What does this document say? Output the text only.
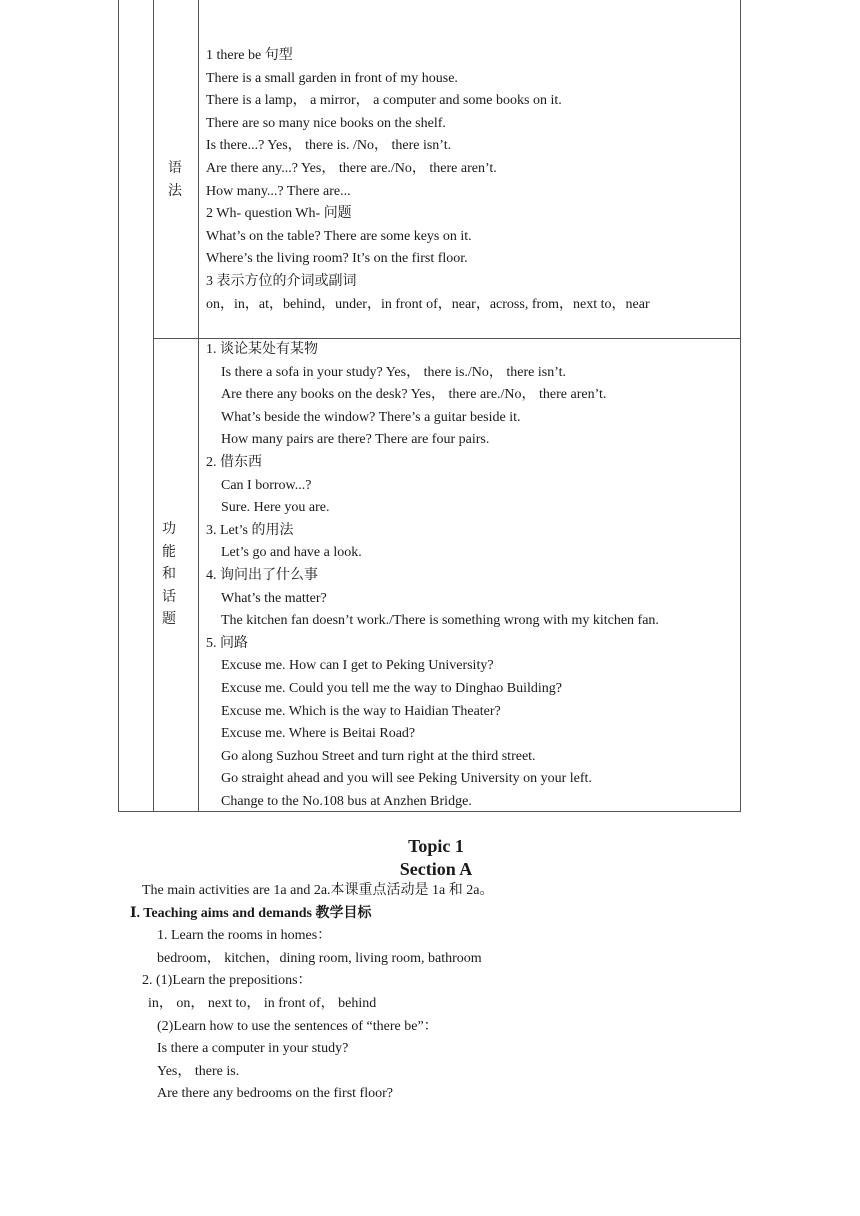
语
法
1 there be 句型
There is a small garden in front of my house.
There is a lamp， a mirror， a computer and some books on it.
There are so many nice books on the shelf.
Is there...? Yes， there is. /No， there isn’t.
Are there any...? Yes， there are./No， there aren’t.
How many...? There are...
2 Wh- question Wh- 问题
What’s on the table? There are some keys on it.
Where’s the living room? It’s on the first floor.
3 表示方位的介词或副词
on，in，at，behind，under，in front of，near，across, from，next to，near
功
能
和
话
题
1. 谈论某处有某物
Is there a sofa in your study? Yes， there is./No， there isn’t.
Are there any books on the desk? Yes， there are./No， there aren’t.
What’s beside the window? There’s a guitar beside it.
How many pairs are there? There are four pairs.
2. 借东西
Can I borrow...?
Sure. Here you are.
3. Let’s 的用法
Let’s go and have a look.
4. 询问出了什么事
What’s the matter?
The kitchen fan doesn’t work./There is something wrong with my kitchen fan.
5. 问路
Excuse me. How can I get to Peking University?
Excuse me. Could you tell me the way to Dinghao Building?
Excuse me. Which is the way to Haidian Theater?
Excuse me. Where is Beitai Road?
Go along Suzhou Street and turn right at the third street.
Go straight ahead and you will see Peking University on your left.
Change to the No.108 bus at Anzhen Bridge.
Topic 1
Section A
The main activities are 1a and 2a.本课重点活动是 1a 和 2a。
Ⅰ. Teaching aims and demands 教学目标
1. Learn the rooms in homes：
bedroom， kitchen，dining room, living room, bathroom
2. (1)Learn the prepositions：
in， on， next to， in front of， behind
(2)Learn how to use the sentences of “there be”：
Is there a computer in your study?
Yes， there is.
Are there any bedrooms on the first floor?
